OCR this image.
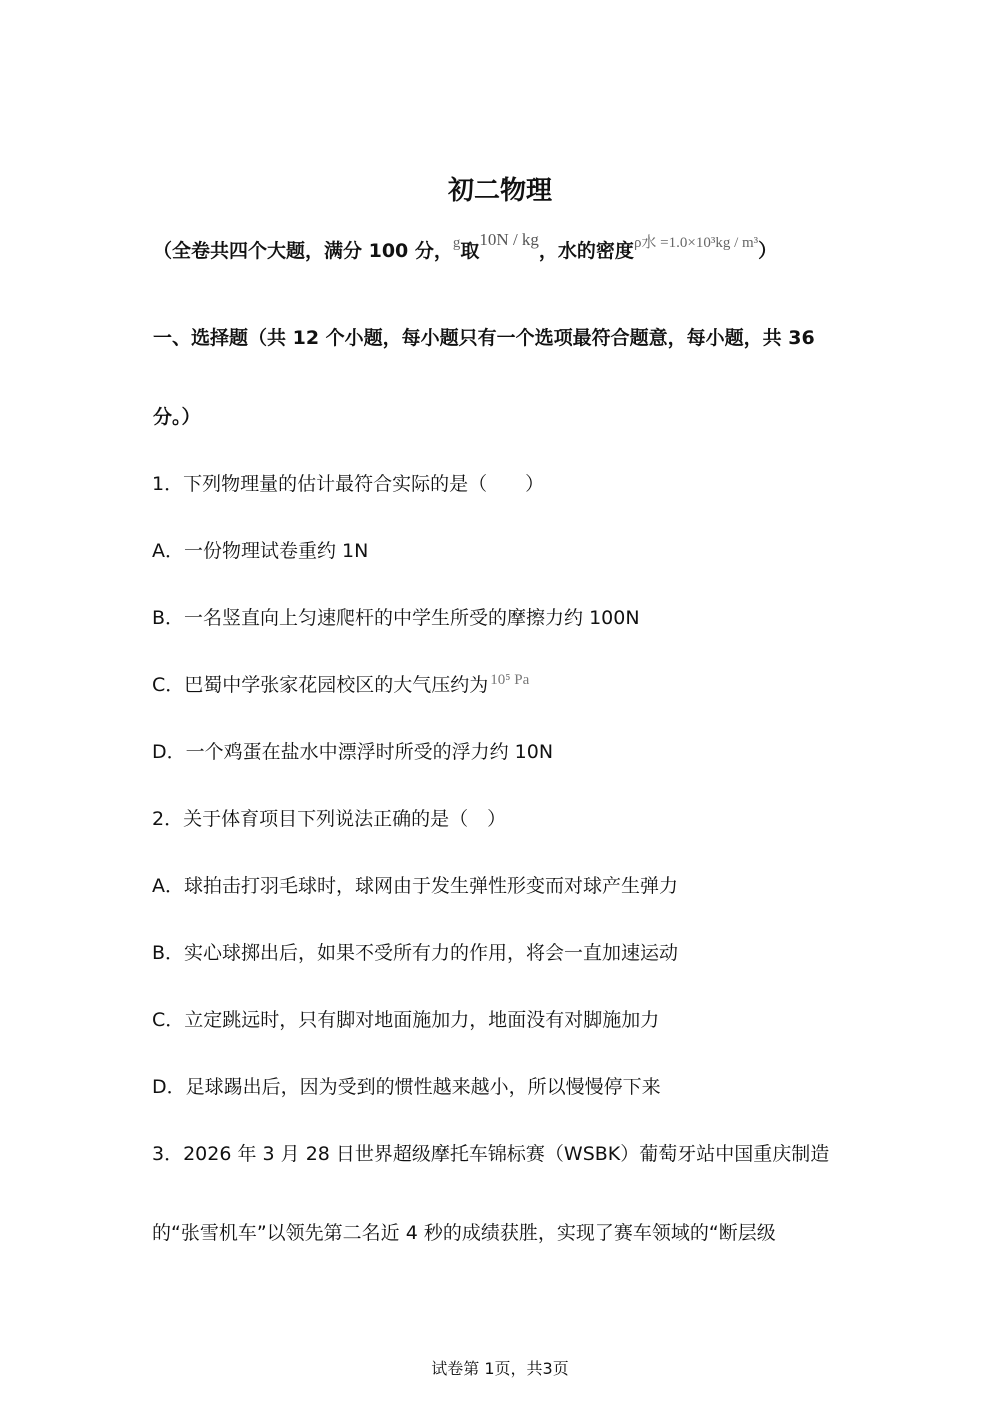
初二物理
（全卷共四个大题，满分 100 分，$^g$取10N / kg，水的密度$^{\rho 水 =1.0\times 10^3kg / m^3}$）
一、选择题（共 12 个小题，每小题只有一个选项最符合题意，每小题，共 36
分。）
1．下列物理量的估计最符合实际的是（　　）
A．一份物理试卷重约 1N
B．一名竖直向上匀速爬杆的中学生所受的摩擦力约 100N
C．巴蜀中学张家花园校区的大气压约为 $^{10^5 Pa}$
D．一个鸡蛋在盐水中漂浮时所受的浮力约 10N
2．关于体育项目下列说法正确的是（　）
A．球拍击打羽毛球时，球网由于发生弹性形变而对球产生弹力
B．实心球掷出后，如果不受所有力的作用，将会一直加速运动
C．立定跳远时，只有脚对地面施加力，地面没有对脚施加力
D．足球踢出后，因为受到的惯性越来越小，所以慢慢停下来
3．2026 年 3 月 28 日世界超级摩托车锦标赛（WSBK）葡萄牙站中国重庆制造
的“张雪机车”以领先第二名近 4 秒的成绩获胜，实现了赛车领域的“断层级
试卷第 1页，共3页
